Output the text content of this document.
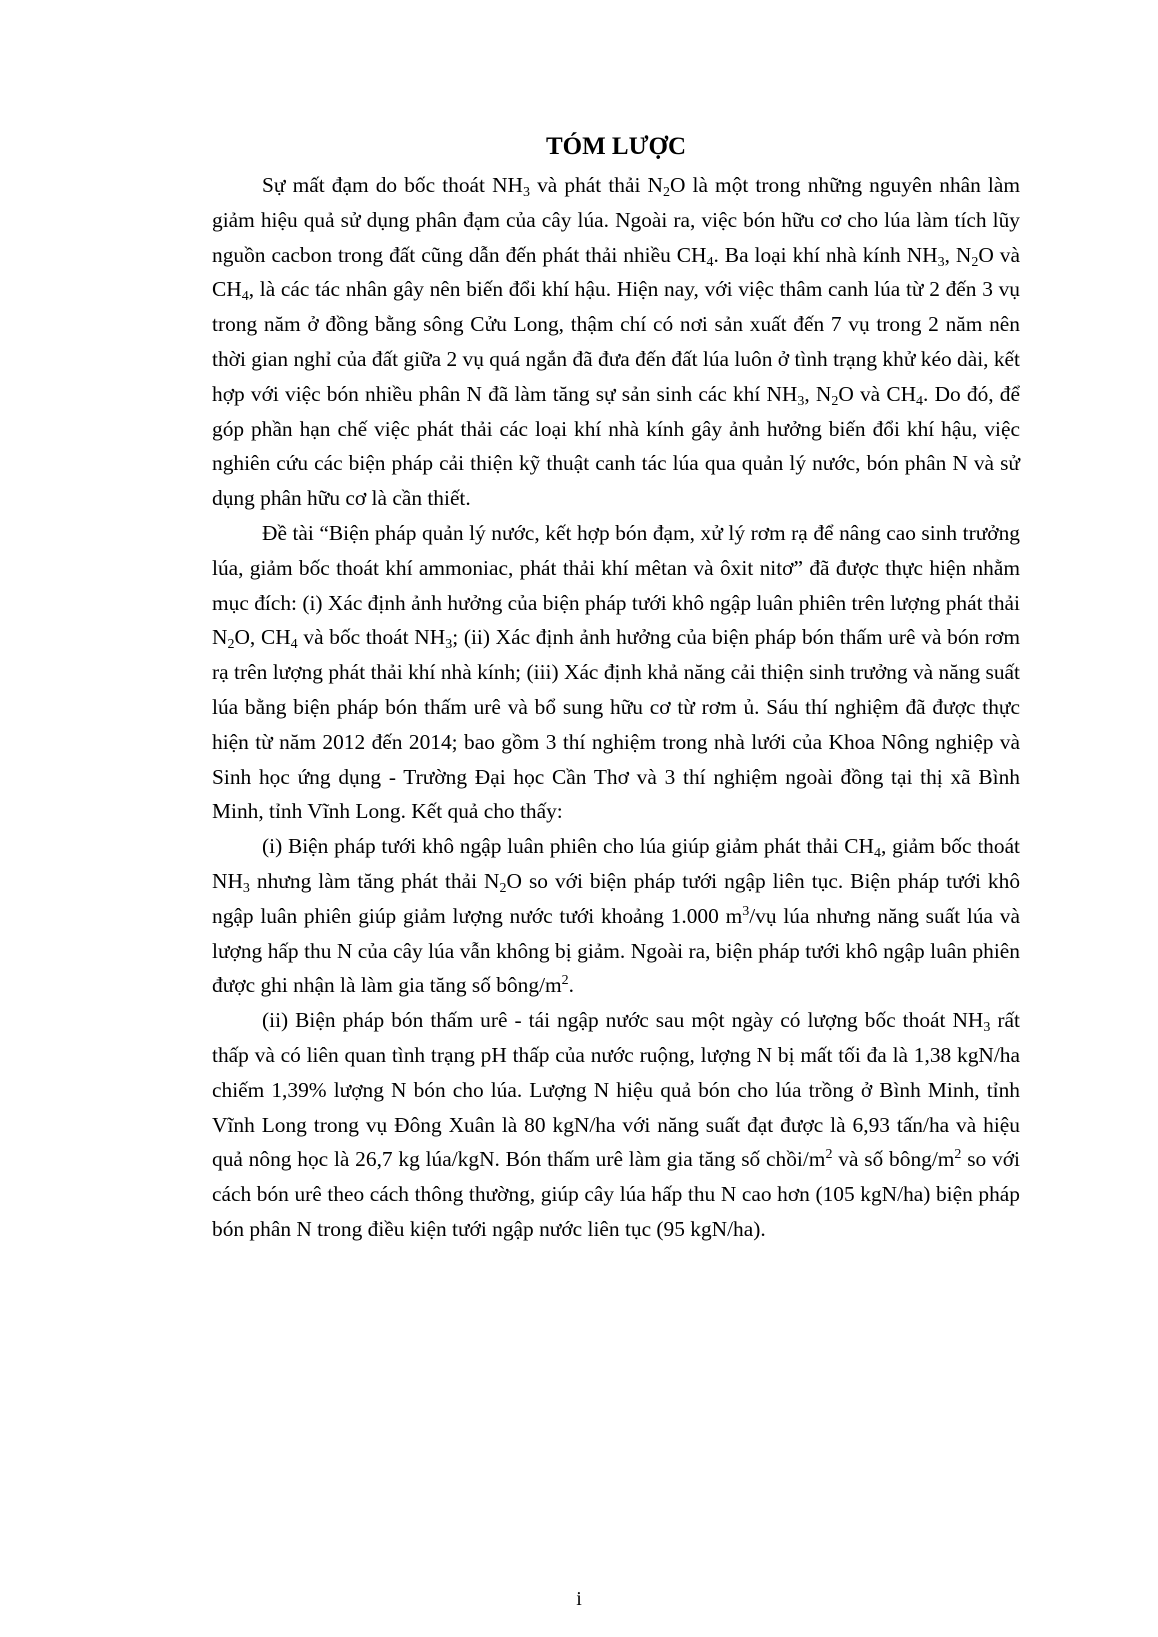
TÓM LƯỢC

Sự mất đạm do bốc thoát $NH_3$ và phát thải $N_2O$ là một trong những nguyên nhân làm giảm hiệu quả sử dụng phân đạm của cây lúa. Ngoài ra, việc bón hữu cơ cho lúa làm tích lũy nguồn cacbon trong đất cũng dẫn đến phát thải nhiều $CH_4$. Ba loại khí nhà kính $NH_3$, $N_2O$ và $CH_4$, là các tác nhân gây nên biến đổi khí hậu. Hiện nay, với việc thâm canh lúa từ 2 đến 3 vụ trong năm ở đồng bằng sông Cửu Long, thậm chí có nơi sản xuất đến 7 vụ trong 2 năm nên thời gian nghỉ của đất giữa 2 vụ quá ngắn đã đưa đến đất lúa luôn ở tình trạng khử kéo dài, kết hợp với việc bón nhiều phân N đã làm tăng sự sản sinh các khí $NH_3$, $N_2O$ và $CH_4$. Do đó, để góp phần hạn chế việc phát thải các loại khí nhà kính gây ảnh hưởng biến đổi khí hậu, việc nghiên cứu các biện pháp cải thiện kỹ thuật canh tác lúa qua quản lý nước, bón phân N và sử dụng phân hữu cơ là cần thiết.

Đề tài “Biện pháp quản lý nước, kết hợp bón đạm, xử lý rơm rạ để nâng cao sinh trưởng lúa, giảm bốc thoát khí ammoniac, phát thải khí mêtan và ôxit nitơ” đã được thực hiện nhằm mục đích: (i) Xác định ảnh hưởng của biện pháp tưới khô ngập luân phiên trên lượng phát thải $N_2O$, $CH_4$ và bốc thoát $NH_3$; (ii) Xác định ảnh hưởng của biện pháp bón thấm urê và bón rơm rạ trên lượng phát thải khí nhà kính; (iii) Xác định khả năng cải thiện sinh trưởng và năng suất lúa bằng biện pháp bón thấm urê và bổ sung hữu cơ từ rơm ủ. Sáu thí nghiệm đã được thực hiện từ năm 2012 đến 2014; bao gồm 3 thí nghiệm trong nhà lưới của Khoa Nông nghiệp và Sinh học ứng dụng - Trường Đại học Cần Thơ và 3 thí nghiệm ngoài đồng tại thị xã Bình Minh, tỉnh Vĩnh Long. Kết quả cho thấy:

(i) Biện pháp tưới khô ngập luân phiên cho lúa giúp giảm phát thải $CH_4$, giảm bốc thoát $NH_3$ nhưng làm tăng phát thải $N_2O$ so với biện pháp tưới ngập liên tục. Biện pháp tưới khô ngập luân phiên giúp giảm lượng nước tưới khoảng 1.000 $m^3/vụ$ lúa nhưng năng suất lúa và lượng hấp thu N của cây lúa vẫn không bị giảm. Ngoài ra, biện pháp tưới khô ngập luân phiên được ghi nhận là làm gia tăng số bông/$m^2$.

(ii) Biện pháp bón thấm urê - tái ngập nước sau một ngày có lượng bốc thoát $NH_3$ rất thấp và có liên quan tình trạng pH thấp của nước ruộng, lượng N bị mất tối đa là 1,38 kgN/ha chiếm 1,39% lượng N bón cho lúa. Lượng N hiệu quả bón cho lúa trồng ở Bình Minh, tỉnh Vĩnh Long trong vụ Đông Xuân là 80 kgN/ha với năng suất đạt được là 6,93 tấn/ha và hiệu quả nông học là 26,7 kg lúa/kgN. Bón thấm urê làm gia tăng số chồi/$m^2$ và số bông/$m^2$ so với cách bón urê theo cách thông thường, giúp cây lúa hấp thu N cao hơn (105 kgN/ha) biện pháp bón phân N trong điều kiện tưới ngập nước liên tục (95 kgN/ha).

i
